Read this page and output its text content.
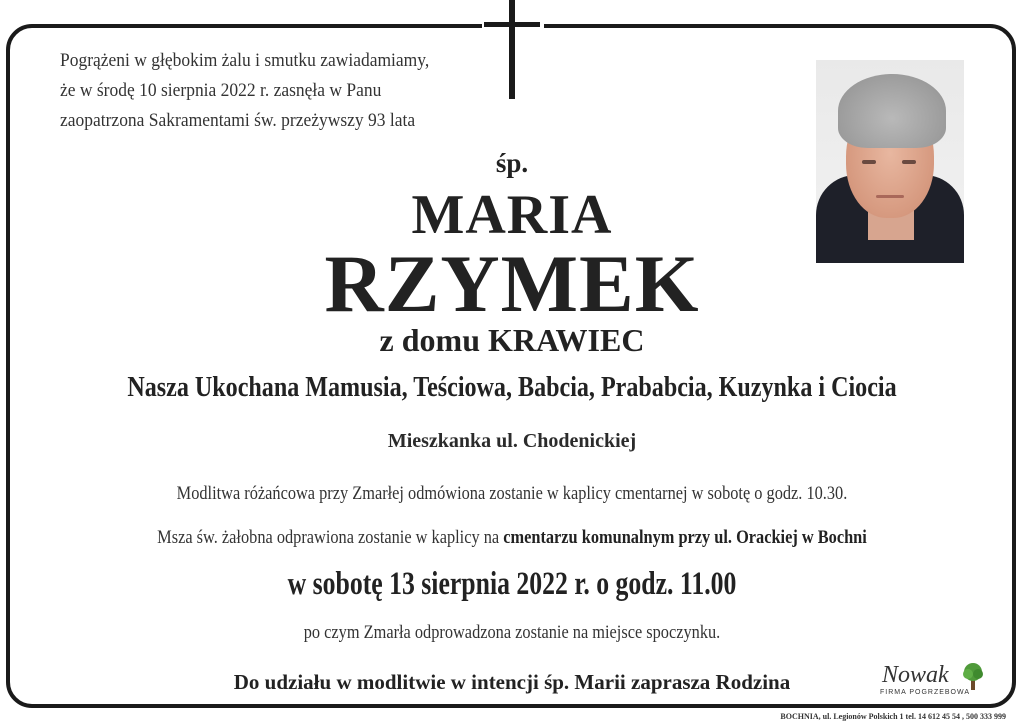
Pogrążeni w głębokim żalu i smutku zawiadamiamy,
że w środę 10 sierpnia 2022 r. zasnęła w Panu
zaopatrzona Sakramentami św. przeżywszy 93 lata
śp.
MARIA
RZYMEK
z domu KRAWIEC
Nasza Ukochana Mamusia, Teściowa, Babcia, Prababcia, Kuzynka i Ciocia
Mieszkanka ul. Chodenickiej
Modlitwa różańcowa przy Zmarłej odmówiona zostanie w kaplicy cmentarnej w sobotę o godz. 10.30.
Msza św. żałobna odprawiona zostanie w kaplicy na cmentarzu komunalnym przy ul. Orackiej w Bochni
w sobotę 13 sierpnia 2022 r. o godz. 11.00
po czym Zmarła odprowadzona zostanie na miejsce spoczynku.
Do udziału w modlitwie w intencji śp. Marii zaprasza Rodzina	Nowak
FIRMA POGRZEBOWA
BOCHNIA, ul. Legionów Polskich 1 tel. 14 612 45 54 , 500 333 999
